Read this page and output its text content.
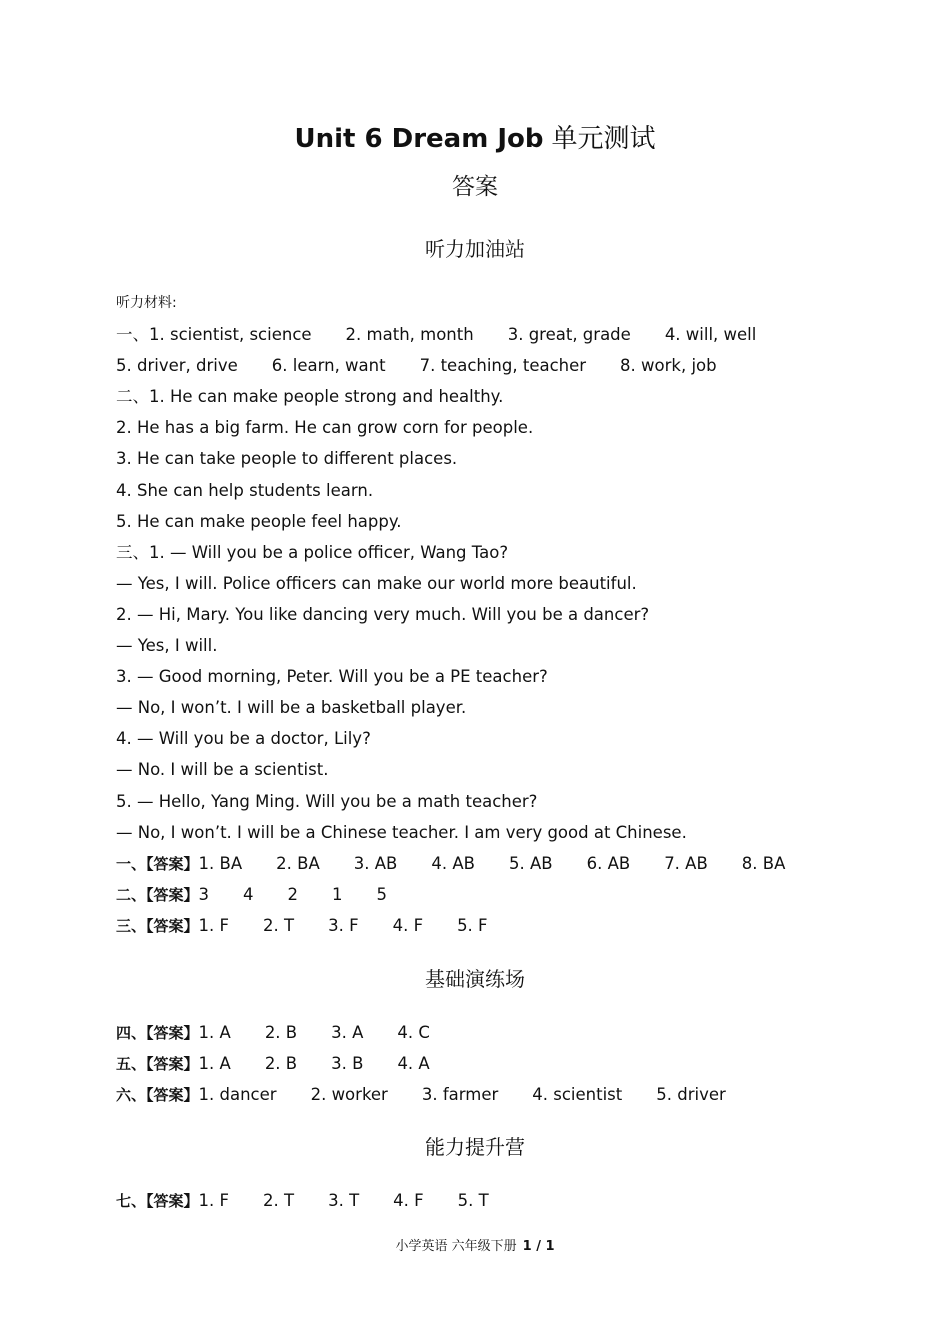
Unit 6 Dream Job 单元测试
答案
听力加油站
听力材料:
一、1. scientist, science 2. math, month 3. great, grade 4. will, well
5. driver, drive 6. learn, want 7. teaching, teacher 8. work, job
二、1. He can make people strong and healthy.
2. He has a big farm. He can grow corn for people.
3. He can take people to different places.
4. She can help students learn.
5. He can make people feel happy.
三、1. — Will you be a police officer, Wang Tao?
— Yes, I will. Police officers can make our world more beautiful.
2. — Hi, Mary. You like dancing very much. Will you be a dancer?
— Yes, I will.
3. — Good morning, Peter. Will you be a PE teacher?
— No, I won’t. I will be a basketball player.
4. — Will you be a doctor, Lily?
— No. I will be a scientist.
5. — Hello, Yang Ming. Will you be a math teacher?
— No, I won’t. I will be a Chinese teacher. I am very good at Chinese.
一、【答案】1. BA 2. BA 3. AB 4. AB 5. AB 6. AB 7. AB 8. BA
二、【答案】3 4 2 1 5
三、【答案】1. F 2. T 3. F 4. F 5. F
基础演练场
四、【答案】1. A 2. B 3. A 4. C
五、【答案】1. A 2. B 3. B 4. A
六、【答案】1. dancer 2. worker 3. farmer 4. scientist 5. driver
能力提升营
七、【答案】1. F 2. T 3. T 4. F 5. T
小学英语 六年级下册 1 / 1
